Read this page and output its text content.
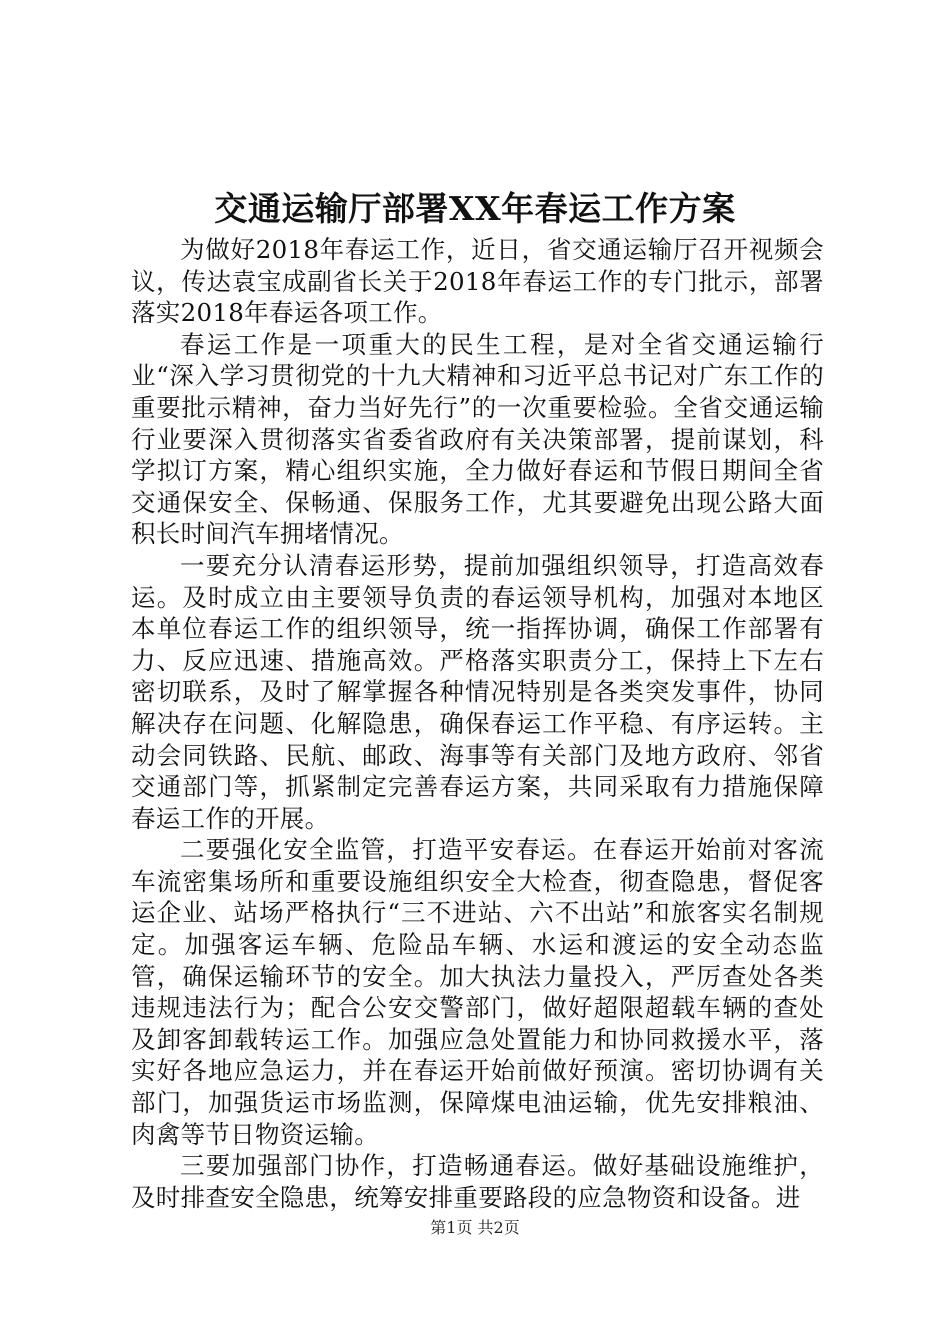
交通运输厅部署XX年春运工作方案

为做好2018年春运工作，近日，省交通运输厅召开视频会议，传达袁宝成副省长关于2018年春运工作的专门批示，部署落实2018年春运各项工作。

春运工作是一项重大的民生工程，是对全省交通运输行业“深入学习贯彻党的十九大精神和习近平总书记对广东工作的重要批示精神，奋力当好先行”的一次重要检验。全省交通运输行业要深入贯彻落实省委省政府有关决策部署，提前谋划，科学拟订方案，精心组织实施，全力做好春运和节假日期间全省交通保安全、保畅通、保服务工作，尤其要避免出现公路大面积长时间汽车拥堵情况。

一要充分认清春运形势，提前加强组织领导，打造高效春运。及时成立由主要领导负责的春运领导机构，加强对本地区本单位春运工作的组织领导，统一指挥协调，确保工作部署有力、反应迅速、措施高效。严格落实职责分工，保持上下左右密切联系，及时了解掌握各种情况特别是各类突发事件，协同解决存在问题、化解隐患，确保春运工作平稳、有序运转。主动会同铁路、民航、邮政、海事等有关部门及地方政府、邻省交通部门等，抓紧制定完善春运方案，共同采取有力措施保障春运工作的开展。

二要强化安全监管，打造平安春运。在春运开始前对客流车流密集场所和重要设施组织安全大检查，彻查隐患，督促客运企业、站场严格执行“三不进站、六不出站”和旅客实名制规定。加强客运车辆、危险品车辆、水运和渡运的安全动态监管，确保运输环节的安全。加大执法力量投入，严厉查处各类违规违法行为；配合公安交警部门，做好超限超载车辆的查处及卸客卸载转运工作。加强应急处置能力和协同救援水平，落实好各地应急运力，并在春运开始前做好预演。密切协调有关部门，加强货运市场监测，保障煤电油运输，优先安排粮油、肉禽等节日物资运输。

三要加强部门协作，打造畅通春运。做好基础设施维护，及时排查安全隐患，统筹安排重要路段的应急物资和设备。进

第1页 共2页
